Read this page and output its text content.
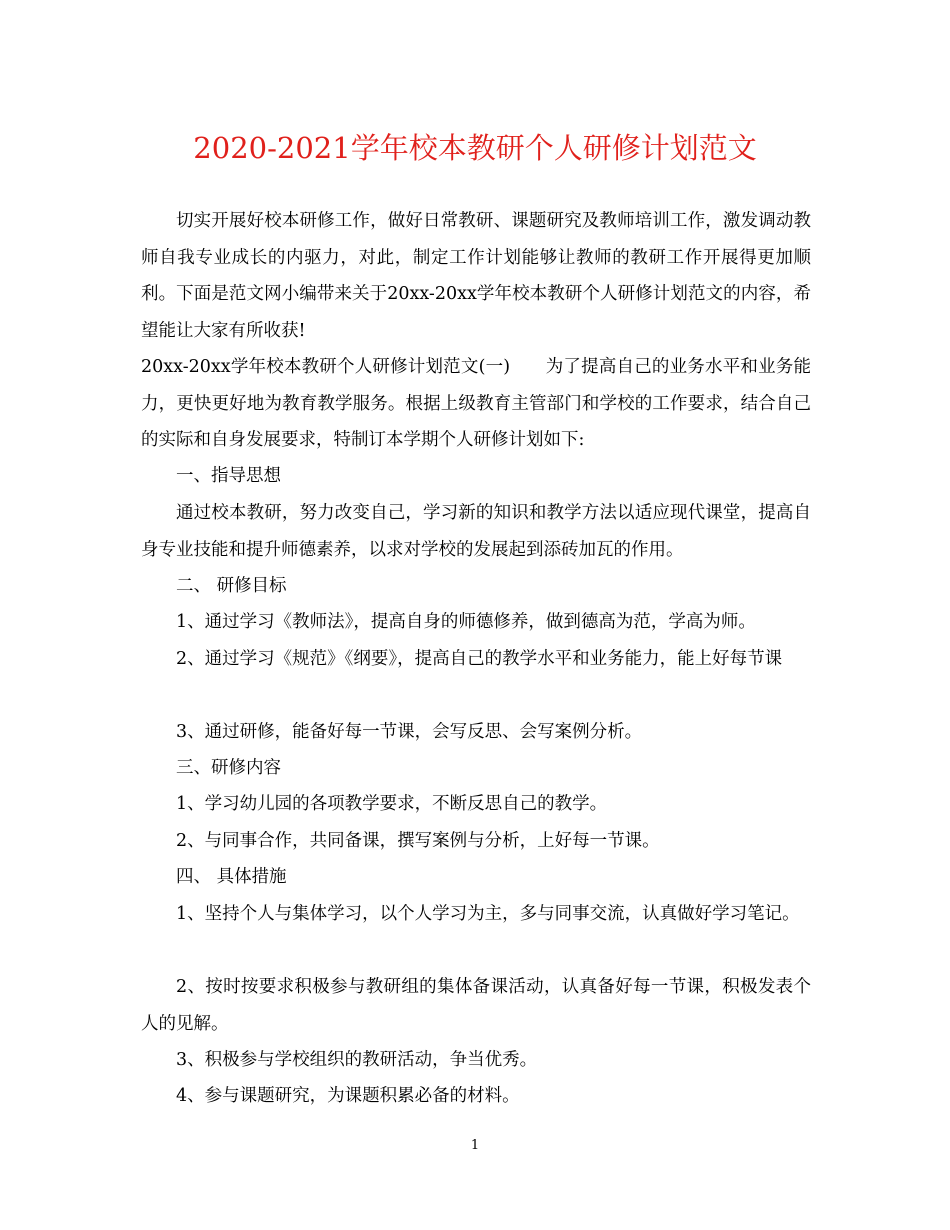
2020-2021学年校本教研个人研修计划范文

切实开展好校本研修工作，做好日常教研、课题研究及教师培训工作，激发调动教师自我专业成长的内驱力，对此，制定工作计划能够让教师的教研工作开展得更加顺利。下面是范文网小编带来关于20xx-20xx学年校本教研个人研修计划范文的内容，希望能让大家有所收获!

20xx-20xx学年校本教研个人研修计划范文(一)　　为了提高自己的业务水平和业务能力，更快更好地为教育教学服务。根据上级教育主管部门和学校的工作要求，结合自己的实际和自身发展要求，特制订本学期个人研修计划如下:

一、指导思想

通过校本教研，努力改变自己，学习新的知识和教学方法以适应现代课堂，提高自身专业技能和提升师德素养，以求对学校的发展起到添砖加瓦的作用。

二、 研修目标
1、通过学习《教师法》，提高自身的师德修养，做到德高为范，学高为师。

2、通过学习《规范》《纲要》，提高自己的教学水平和业务能力，能上好每节课

3、通过研修，能备好每一节课，会写反思、会写案例分析。
三、研修内容
1、学习幼儿园的各项教学要求，不断反思自己的教学。
2、与同事合作，共同备课，撰写案例与分析，上好每一节课。
四、 具体措施

1、坚持个人与集体学习，以个人学习为主，多与同事交流，认真做好学习笔记。

2、按时按要求积极参与教研组的集体备课活动，认真备好每一节课，积极发表个人的见解。

3、积极参与学校组织的教研活动，争当优秀。
4、参与课题研究，为课题积累必备的材料。
1
